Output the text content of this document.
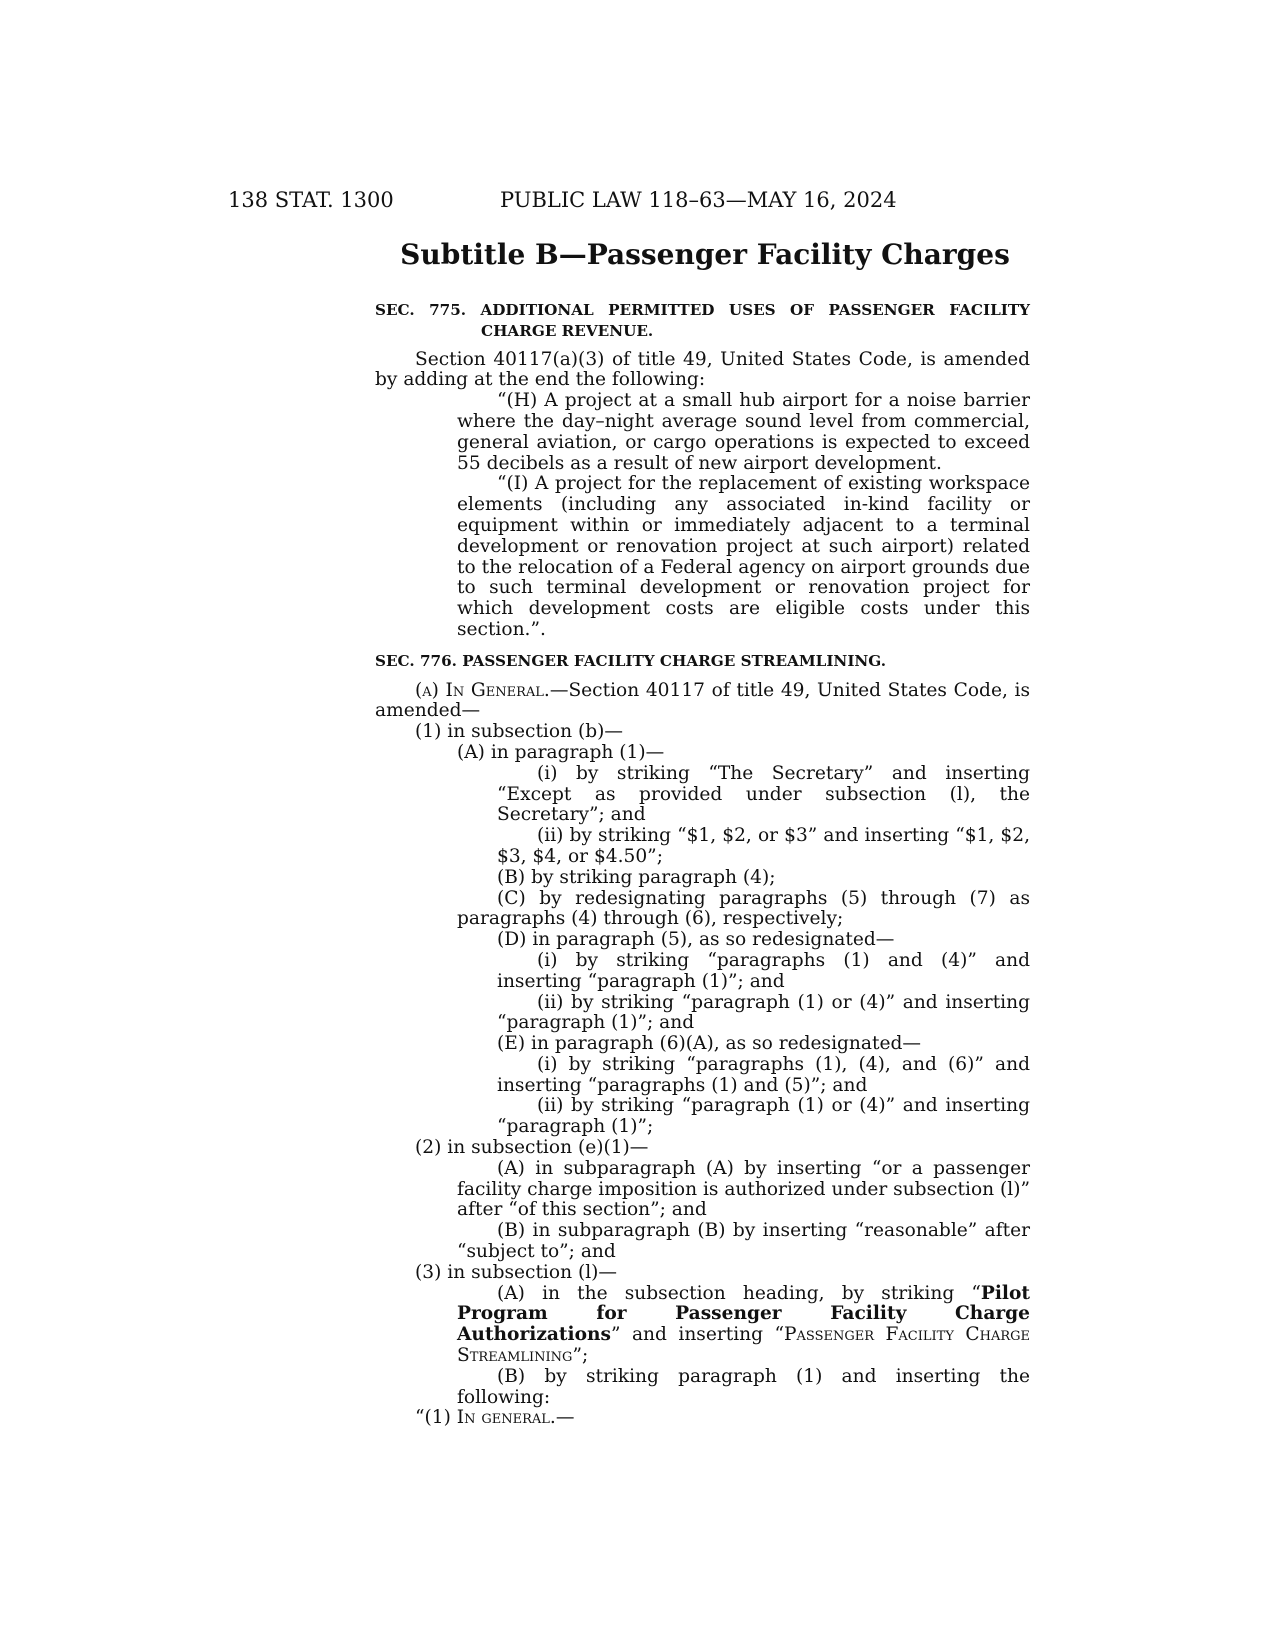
138 STAT. 1300	PUBLIC LAW 118–63—MAY 16, 2024
Subtitle B—Passenger Facility Charges
SEC. 775. ADDITIONAL PERMITTED USES OF PASSENGER FACILITY CHARGE REVENUE.

Section 40117(a)(3) of title 49, United States Code, is amended by adding at the end the following:

“(H) A project at a small hub airport for a noise barrier where the day–night average sound level from commercial, general aviation, or cargo operations is expected to exceed 55 decibels as a result of new airport development.

“(I) A project for the replacement of existing workspace elements (including any associated in-kind facility or equipment within or immediately adjacent to a terminal development or renovation project at such airport) related to the relocation of a Federal agency on airport grounds due to such terminal development or renovation project for which development costs are eligible costs under this section.”.

SEC. 776. PASSENGER FACILITY CHARGE STREAMLINING.

(a) In General.—Section 40117 of title 49, United States Code, is amended—

(1) in subsection (b)—

(A) in paragraph (1)—

(i) by striking “The Secretary” and inserting “Except as provided under subsection (l), the Secretary”; and

(ii) by striking “$1, $2, or $3” and inserting “$1, $2, $3, $4, or $4.50”;

(B) by striking paragraph (4);

(C) by redesignating paragraphs (5) through (7) as paragraphs (4) through (6), respectively;

(D) in paragraph (5), as so redesignated—

(i) by striking “paragraphs (1) and (4)” and inserting “paragraph (1)”; and

(ii) by striking “paragraph (1) or (4)” and inserting “paragraph (1)”; and

(E) in paragraph (6)(A), as so redesignated—

(i) by striking “paragraphs (1), (4), and (6)” and inserting “paragraphs (1) and (5)”; and

(ii) by striking “paragraph (1) or (4)” and inserting “paragraph (1)”;

(2) in subsection (e)(1)—

(A) in subparagraph (A) by inserting “or a passenger facility charge imposition is authorized under subsection (l)” after “of this section”; and

(B) in subparagraph (B) by inserting “reasonable” after “subject to”; and

(3) in subsection (l)—

(A) in the subsection heading, by striking “Pilot Program for Passenger Facility Charge Authorizations” and inserting “Passenger Facility Charge Streamlining”;

(B) by striking paragraph (1) and inserting the following:

“(1) In general.—
